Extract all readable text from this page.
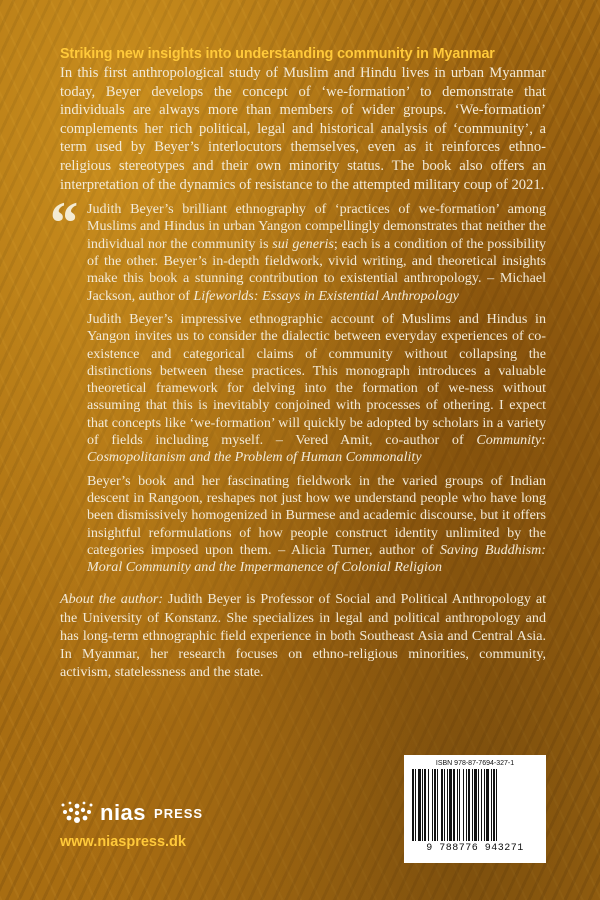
Striking new insights into understanding community in Myanmar

In this first anthropological study of Muslim and Hindu lives in urban Myanmar today, Beyer develops the concept of ‘we-formation’ to demonstrate that individuals are always more than members of wider groups. ‘We-formation’ complements her rich political, legal and historical analysis of ‘community’, a term used by Beyer’s interlocutors themselves, even as it reinforces ethno-religious stereotypes and their own minority status. The book also offers an interpretation of the dynamics of resistance to the attempted military coup of 2021.

“ Judith Beyer’s brilliant ethnography of ‘practices of we-formation’ among Muslims and Hindus in urban Yangon compellingly demonstrates that neither the individual nor the community is sui generis; each is a condition of the possibility of the other. Beyer’s in-depth fieldwork, vivid writing, and theoretical insights make this book a stunning contribution to existential anthropology. – Michael Jackson, author of Lifeworlds: Essays in Existential Anthropology

Judith Beyer’s impressive ethnographic account of Muslims and Hindus in Yangon invites us to consider the dialectic between everyday experiences of co-existence and categorical claims of community without collapsing the distinctions between these practices. This monograph introduces a valuable theoretical framework for delving into the formation of we-ness without assuming that this is inevitably conjoined with processes of othering. I expect that concepts like ‘we-formation’ will quickly be adopted by scholars in a variety of fields including myself. – Vered Amit, co-author of Community: Cosmopolitanism and the Problem of Human Commonality

Beyer’s book and her fascinating fieldwork in the varied groups of Indian descent in Rangoon, reshapes not just how we understand people who have long been dismissively homogenized in Burmese and academic discourse, but it offers insightful reformulations of how people construct identity unlimited by the categories imposed upon them. – Alicia Turner, author of Saving Buddhism: Moral Community and the Impermanence of Colonial Religion

About the author: Judith Beyer is Professor of Social and Political Anthropology at the University of Konstanz. She specializes in legal and political anthropology and has long-term ethnographic field experience in both Southeast Asia and Central Asia. In Myanmar, her research focuses on ethno-religious minorities, community, activism, statelessness and the state.

nias PRESS
www.niaspress.dk
ISBN 978-87-7694-327-1
9 788776 943271
